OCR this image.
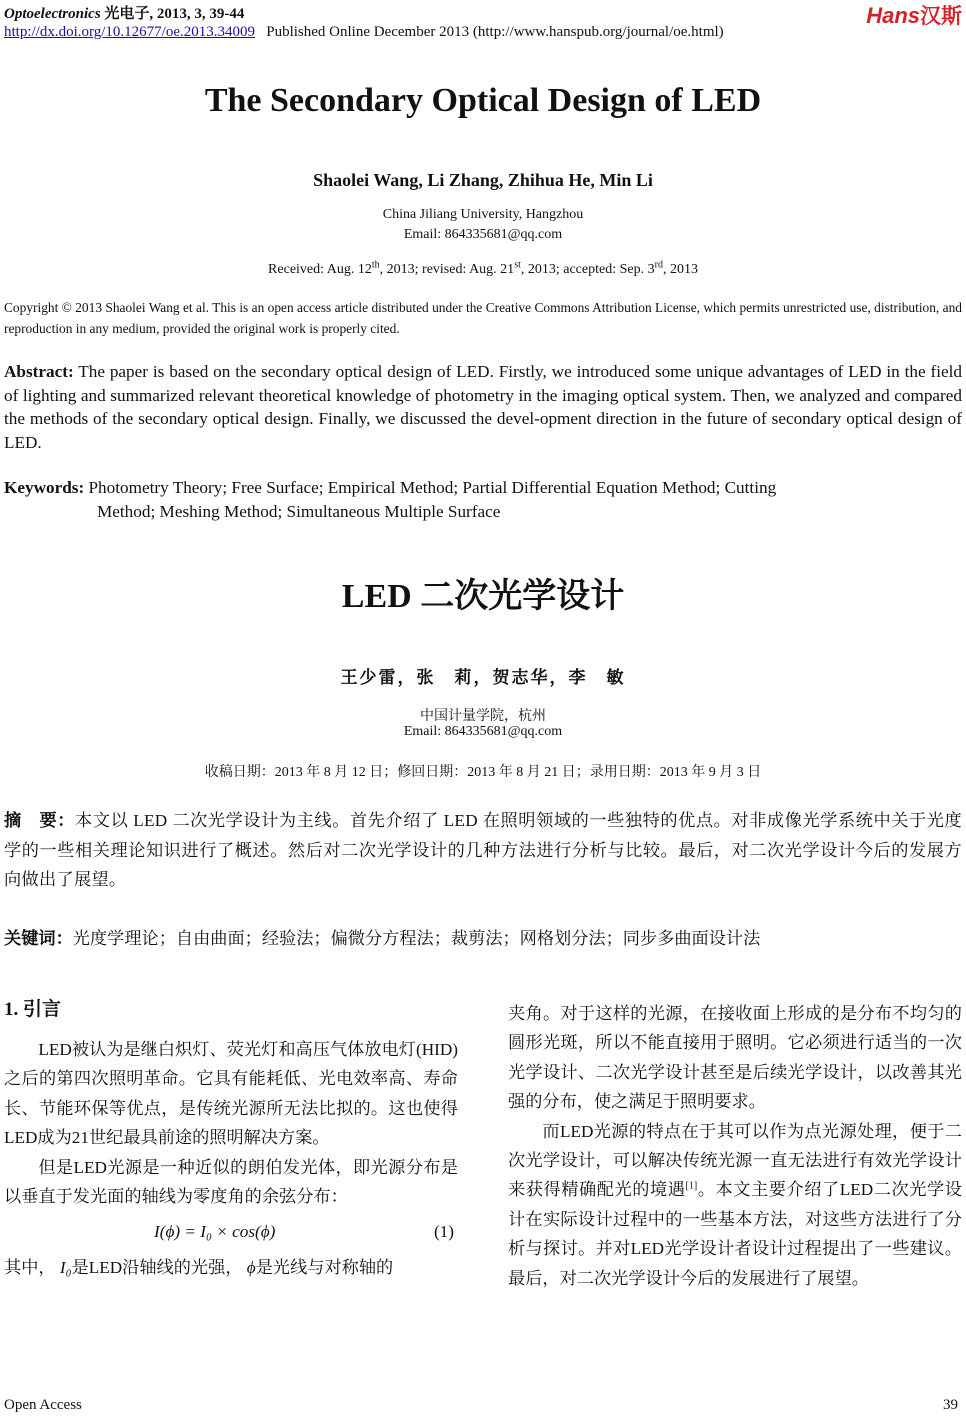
Optoelectronics 光电子, 2013, 3, 39-44
http://dx.doi.org/10.12677/oe.2013.34009 Published Online December 2013 (http://www.hanspub.org/journal/oe.html)
Hans汉斯
The Secondary Optical Design of LED
Shaolei Wang, Li Zhang, Zhihua He, Min Li
China Jiliang University, Hangzhou
Email: 864335681@qq.com
Received: Aug. 12th, 2013; revised: Aug. 21st, 2013; accepted: Sep. 3rd, 2013
Copyright © 2013 Shaolei Wang et al. This is an open access article distributed under the Creative Commons Attribution License, which permits unrestricted use, distribution, and reproduction in any medium, provided the original work is properly cited.
Abstract: The paper is based on the secondary optical design of LED. Firstly, we introduced some unique advantages of LED in the field of lighting and summarized relevant theoretical knowledge of photometry in the imaging optical system. Then, we analyzed and compared the methods of the secondary optical design. Finally, we discussed the devel-opment direction in the future of secondary optical design of LED.
Keywords: Photometry Theory; Free Surface; Empirical Method; Partial Differential Equation Method; Cutting
Method; Meshing Method; Simultaneous Multiple Surface
LED 二次光学设计
王少雷，张　莉，贺志华，李　敏
中国计量学院，杭州
Email: 864335681@qq.com
收稿日期：2013 年 8 月 12 日；修回日期：2013 年 8 月 21 日；录用日期：2013 年 9 月 3 日
摘　要：本文以 LED 二次光学设计为主线。首先介绍了 LED 在照明领域的一些独特的优点。对非成像光学系统中关于光度学的一些相关理论知识进行了概述。然后对二次光学设计的几种方法进行分析与比较。最后，对二次光学设计今后的发展方向做出了展望。
关键词：光度学理论；自由曲面；经验法；偏微分方程法；裁剪法；网格划分法；同步多曲面设计法
1. 引言

LED被认为是继白炽灯、荧光灯和高压气体放电灯(HID)之后的第四次照明革命。它具有能耗低、光电效率高、寿命长、节能环保等优点，是传统光源所无法比拟的。这也使得LED成为21世纪最具前途的照明解决方案。

但是LED光源是一种近似的朗伯发光体，即光源分布是以垂直于发光面的轴线为零度角的余弦分布：

I(ϕ) = I₀ × cos(ϕ)	(1)

其中， I₀是LED沿轴线的光强， ϕ是光线与对称轴的

夹角。对于这样的光源，在接收面上形成的是分布不均匀的圆形光斑，所以不能直接用于照明。它必须进行适当的一次光学设计、二次光学设计甚至是后续光学设计，以改善其光强的分布，使之满足于照明要求。

而LED光源的特点在于其可以作为点光源处理，便于二次光学设计，可以解决传统光源一直无法进行有效光学设计来获得精确配光的境遇[1]。本文主要介绍了LED二次光学设计在实际设计过程中的一些基本方法，对这些方法进行了分析与探讨。并对LED光学设计者设计过程提出了一些建议。最后，对二次光学设计今后的发展进行了展望。

Open Access	39
